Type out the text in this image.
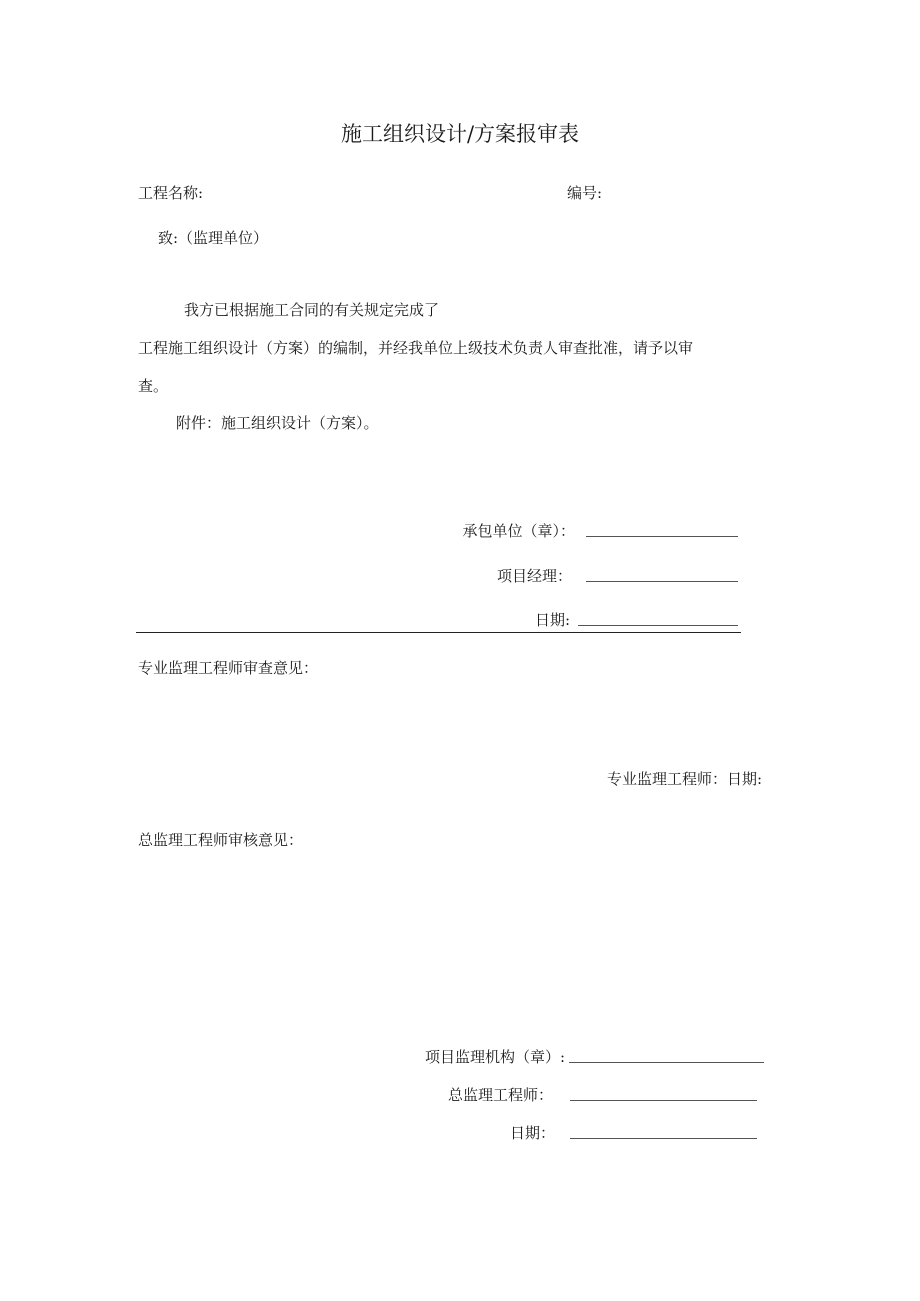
施工组织设计/方案报审表
工程名称:	编号:
致:（监理单位）
我方已根据施工合同的有关规定完成了
工程施工组织设计（方案）的编制，并经我单位上级技术负责人审查批准，请予以审
查。
附件：施工组织设计（方案）。
承包单位（章）：
项目经理：
日期:
专业监理工程师审查意见：
专业监理工程师：日期:
总监理工程师审核意见：
项目监理机构（章）:
总监理工程师：
日期：
